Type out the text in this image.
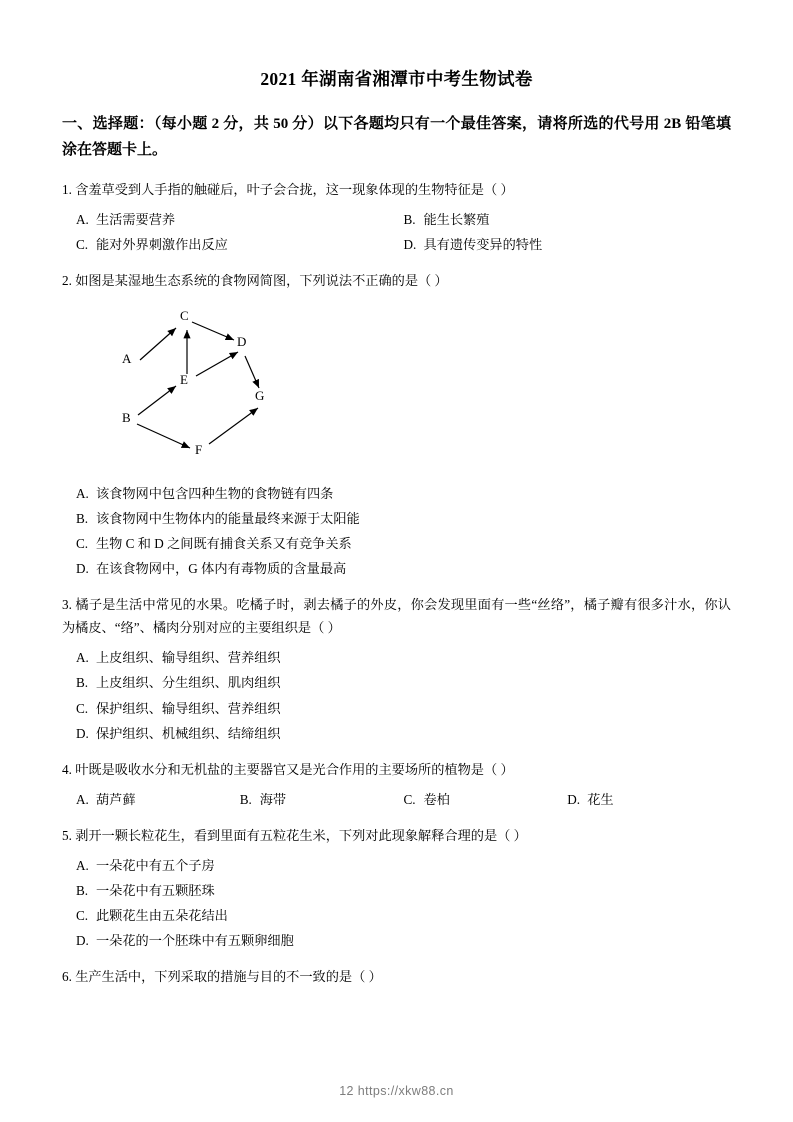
2021 年湖南省湘潭市中考生物试卷
一、选择题：（每小题 2 分，共 50 分）以下各题均只有一个最佳答案，请将所选的代号用 2B 铅笔填涂在答题卡上。
1. 含羞草受到人手指的触碰后，叶子会合拢，这一现象体现的生物特征是（ ）
A. 生活需要营养	B. 能生长繁殖
C. 能对外界刺激作出反应	D. 具有遗传变异的特性
2. 如图是某湿地生态系统的食物网简图，下列说法不正确的是（ ）
A
C
D
E
G
B
F
A. 该食物网中包含四种生物的食物链有四条
B. 该食物网中生物体内的能量最终来源于太阳能
C. 生物 C 和 D 之间既有捕食关系又有竞争关系
D. 在该食物网中，G 体内有毒物质的含量最高
3. 橘子是生活中常见的水果。吃橘子时，剥去橘子的外皮，你会发现里面有一些“丝络”，橘子瓣有很多汁水，你认为橘皮、“络”、橘肉分别对应的主要组织是（ ）
A. 上皮组织、输导组织、营养组织
B. 上皮组织、分生组织、肌肉组织
C. 保护组织、输导组织、营养组织
D. 保护组织、机械组织、结缔组织
4. 叶既是吸收水分和无机盐的主要器官又是光合作用的主要场所的植物是（ ）
A. 葫芦藓	B. 海带	C. 卷柏	D. 花生
5. 剥开一颗长粒花生，看到里面有五粒花生米，下列对此现象解释合理的是（ ）
A. 一朵花中有五个子房
B. 一朵花中有五颗胚珠
C. 此颗花生由五朵花结出
D. 一朵花的一个胚珠中有五颗卵细胞
6. 生产生活中，下列采取的措施与目的不一致的是（ ）
12 https://xkw88.cn
